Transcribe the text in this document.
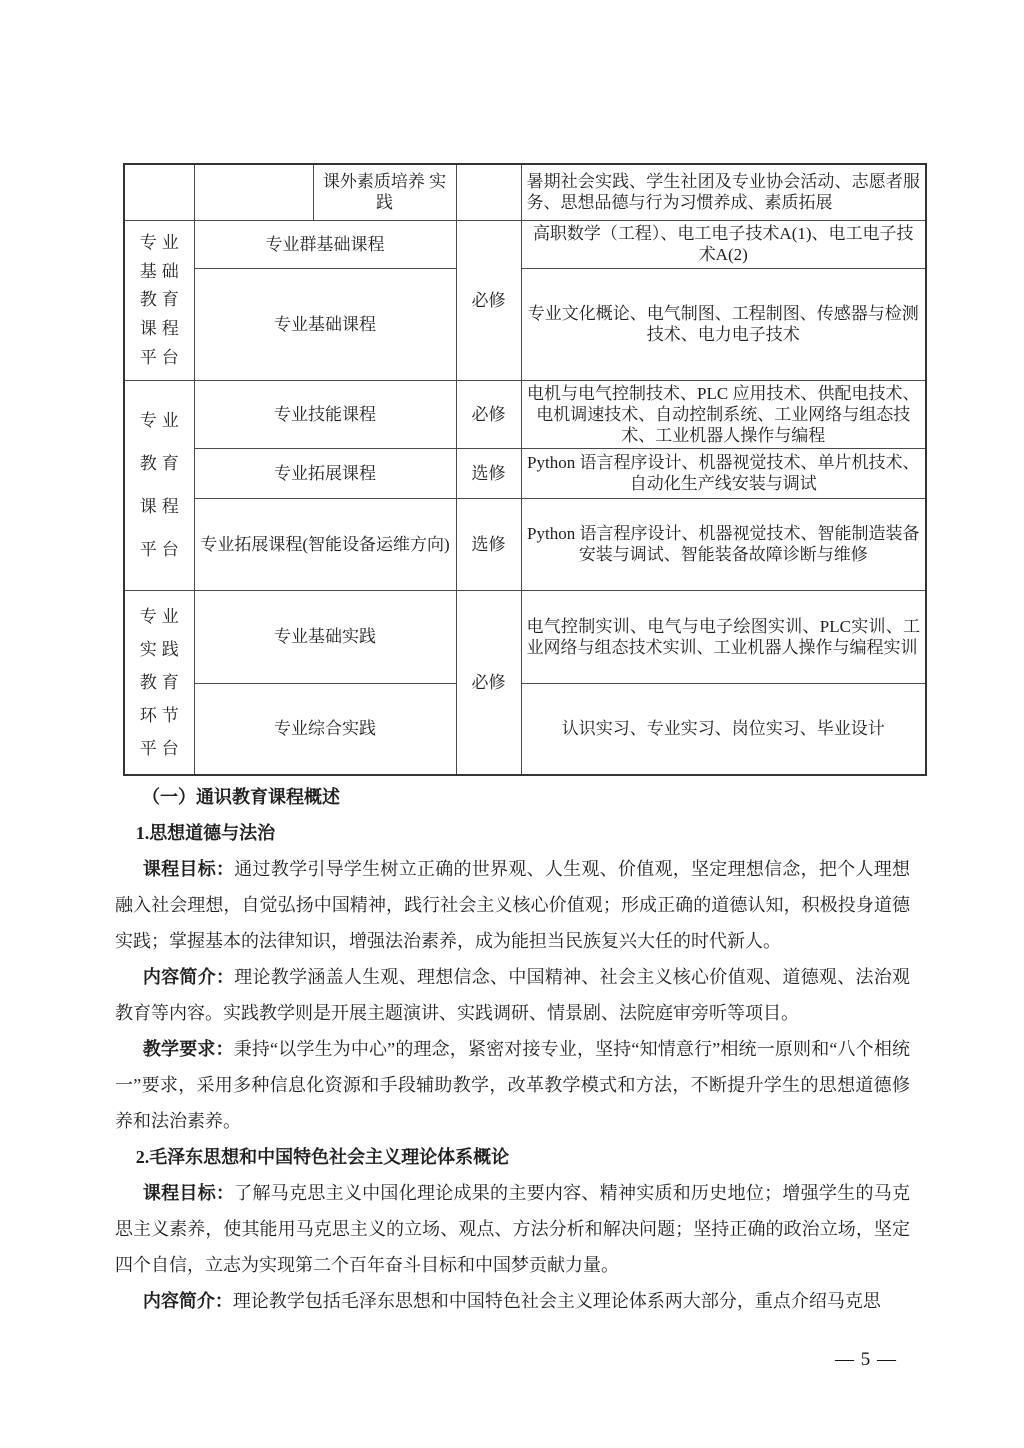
		课外素质培养 实践		暑期社会实践、学生社团及专业协会活动、志愿者服务、思想品德与行为习惯养成、素质拓展

专业
基础
教育
课程
平台	专业群基础课程		必修	高职数学（工程）、电工电子技术A(1)、电工电子技术A(2)
	专业基础课程			专业文化概论、电气制图、工程制图、传感器与检测技术、电力电子技术

专业
教育
课程
平台	专业技能课程		必修	电机与电气控制技术、PLC 应用技术、供配电技术、电机调速技术、自动控制系统、工业网络与组态技术、工业机器人操作与编程
	专业拓展课程		选修	Python 语言程序设计、机器视觉技术、单片机技术、自动化生产线安装与调试
	专业拓展课程(智能设备运维方向)		选修	Python 语言程序设计、机器视觉技术、智能制造装备安装与调试、智能装备故障诊断与维修

专业
实践
教育
环节
平台	专业基础实践		必修	电气控制实训、电气与电子绘图实训、PLC实训、工业网络与组态技术实训、工业机器人操作与编程实训
	专业综合实践			认识实习、专业实习、岗位实习、毕业设计

（一）通识教育课程概述

1.思想道德与法治

课程目标：通过教学引导学生树立正确的世界观、人生观、价值观，坚定理想信念，把个人理想融入社会理想，自觉弘扬中国精神，践行社会主义核心价值观；形成正确的道德认知，积极投身道德实践；掌握基本的法律知识，增强法治素养，成为能担当民族复兴大任的时代新人。

内容简介：理论教学涵盖人生观、理想信念、中国精神、社会主义核心价值观、道德观、法治观教育等内容。实践教学则是开展主题演讲、实践调研、情景剧、法院庭审旁听等项目。

教学要求：秉持“以学生为中心”的理念，紧密对接专业，坚持“知情意行”相统一原则和“八个相统一”要求，采用多种信息化资源和手段辅助教学，改革教学模式和方法，不断提升学生的思想道德修养和法治素养。

2.毛泽东思想和中国特色社会主义理论体系概论

课程目标：了解马克思主义中国化理论成果的主要内容、精神实质和历史地位；增强学生的马克思主义素养，使其能用马克思主义的立场、观点、方法分析和解决问题；坚持正确的政治立场，坚定四个自信，立志为实现第二个百年奋斗目标和中国梦贡献力量。

内容简介：理论教学包括毛泽东思想和中国特色社会主义理论体系两大部分，重点介绍马克思

— 5 —
